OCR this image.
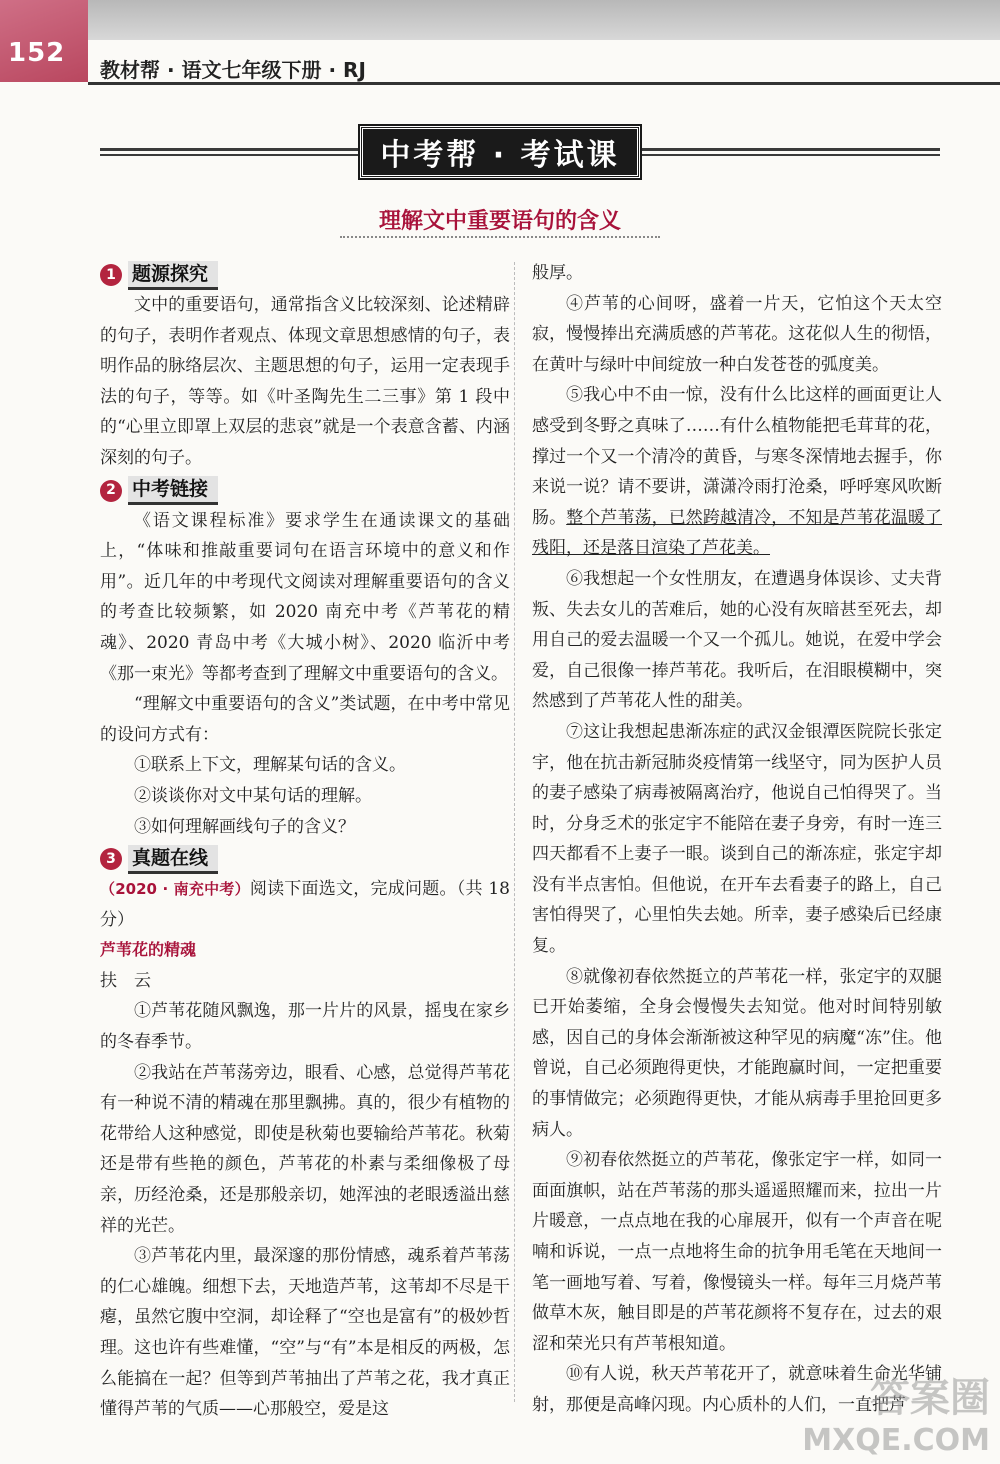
152
教材帮 · 语文七年级下册 · RJ
中考帮 · 考试课
理解文中重要语句的含义
1 题源探究

文中的重要语句，通常指含义比较深刻、论述精辟的句子，表明作者观点、体现文章思想感情的句子，表明作品的脉络层次、主题思想的句子，运用一定表现手法的句子，等等。如《叶圣陶先生二三事》第 1 段中的“心里立即罩上双层的悲哀”就是一个表意含蓄、内涵深刻的句子。

2 中考链接

《语文课程标准》要求学生在通读课文的基础上，“体味和推敲重要词句在语言环境中的意义和作用”。近几年的中考现代文阅读对理解重要语句的含义的考查比较频繁，如 2020 南充中考《芦苇花的精魂》、2020 青岛中考《大城小树》、2020 临沂中考《那一束光》等都考查到了理解文中重要语句的含义。

“理解文中重要语句的含义”类试题，在中考中常见的设问方式有：

①联系上下文，理解某句话的含义。

②谈谈你对文中某句话的理解。

③如何理解画线句子的含义？

3 真题在线

（2020 · 南充中考）阅读下面选文，完成问题。（共 18 分）

芦苇花的精魂

扶云

①芦苇花随风飘逸，那一片片的风景，摇曳在家乡的冬春季节。

②我站在芦苇荡旁边，眼看、心感，总觉得芦苇花有一种说不清的精魂在那里飘拂。真的，很少有植物的花带给人这种感觉，即使是秋菊也要输给芦苇花。秋菊还是带有些艳的颜色，芦苇花的朴素与柔细像极了母亲，历经沧桑，还是那般亲切，她浑浊的老眼透溢出慈祥的光芒。

③芦苇花内里，最深邃的那份情感，魂系着芦苇荡的仁心雄魄。细想下去，天地造芦苇，这苇却不尽是干瘪，虽然它腹中空洞，却诠释了“空也是富有”的极妙哲理。这也许有些难懂，“空”与“有”本是相反的两极，怎么能搞在一起？但等到芦苇抽出了芦苇之花，我才真正懂得芦苇的气质——心那般空，爱是这

般厚。

④芦苇的心间呀，盛着一片天，它怕这个天太空寂，慢慢捧出充满质感的芦苇花。这花似人生的彻悟，在黄叶与绿叶中间绽放一种白发苍苍的弧度美。

⑤我心中不由一惊，没有什么比这样的画面更让人感受到冬野之真味了……有什么植物能把毛茸茸的花，撑过一个又一个清冷的黄昏，与寒冬深情地去握手，你来说一说？请不要讲，潇潇冷雨打沧桑，呼呼寒风吹断肠。整个芦苇荡，已然跨越清冷，不知是芦苇花温暖了残阳，还是落日渲染了芦花美。

⑥我想起一个女性朋友，在遭遇身体误诊、丈夫背叛、失去女儿的苦难后，她的心没有灰暗甚至死去，却用自己的爱去温暖一个又一个孤儿。她说，在爱中学会爱，自己很像一捧芦苇花。我听后，在泪眼模糊中，突然感到了芦苇花人性的甜美。

⑦这让我想起患渐冻症的武汉金银潭医院院长张定宇，他在抗击新冠肺炎疫情第一线坚守，同为医护人员的妻子感染了病毒被隔离治疗，他说自己怕得哭了。当时，分身乏术的张定宇不能陪在妻子身旁，有时一连三四天都看不上妻子一眼。谈到自己的渐冻症，张定宇却没有半点害怕。但他说，在开车去看妻子的路上，自己害怕得哭了，心里怕失去她。所幸，妻子感染后已经康复。

⑧就像初春依然挺立的芦苇花一样，张定宇的双腿已开始萎缩，全身会慢慢失去知觉。他对时间特别敏感，因自己的身体会渐渐被这种罕见的病魔“冻”住。他曾说，自己必须跑得更快，才能跑赢时间，一定把重要的事情做完；必须跑得更快，才能从病毒手里抢回更多病人。

⑨初春依然挺立的芦苇花，像张定宇一样，如同一面面旗帜，站在芦苇荡的那头遥遥照耀而来，拉出一片片暖意，一点点地在我的心扉展开，似有一个声音在呢喃和诉说，一点一点地将生命的抗争用毛笔在天地间一笔一画地写着、写着，像慢镜头一样。每年三月烧芦苇做草木灰，触目即是的芦苇花颜将不复存在，过去的艰涩和荣光只有芦苇根知道。

⑩有人说，秋天芦苇花开了，就意味着生命光华铺射，那便是高峰闪现。内心质朴的人们，一直把芦

答案圈
MXQE.COM
